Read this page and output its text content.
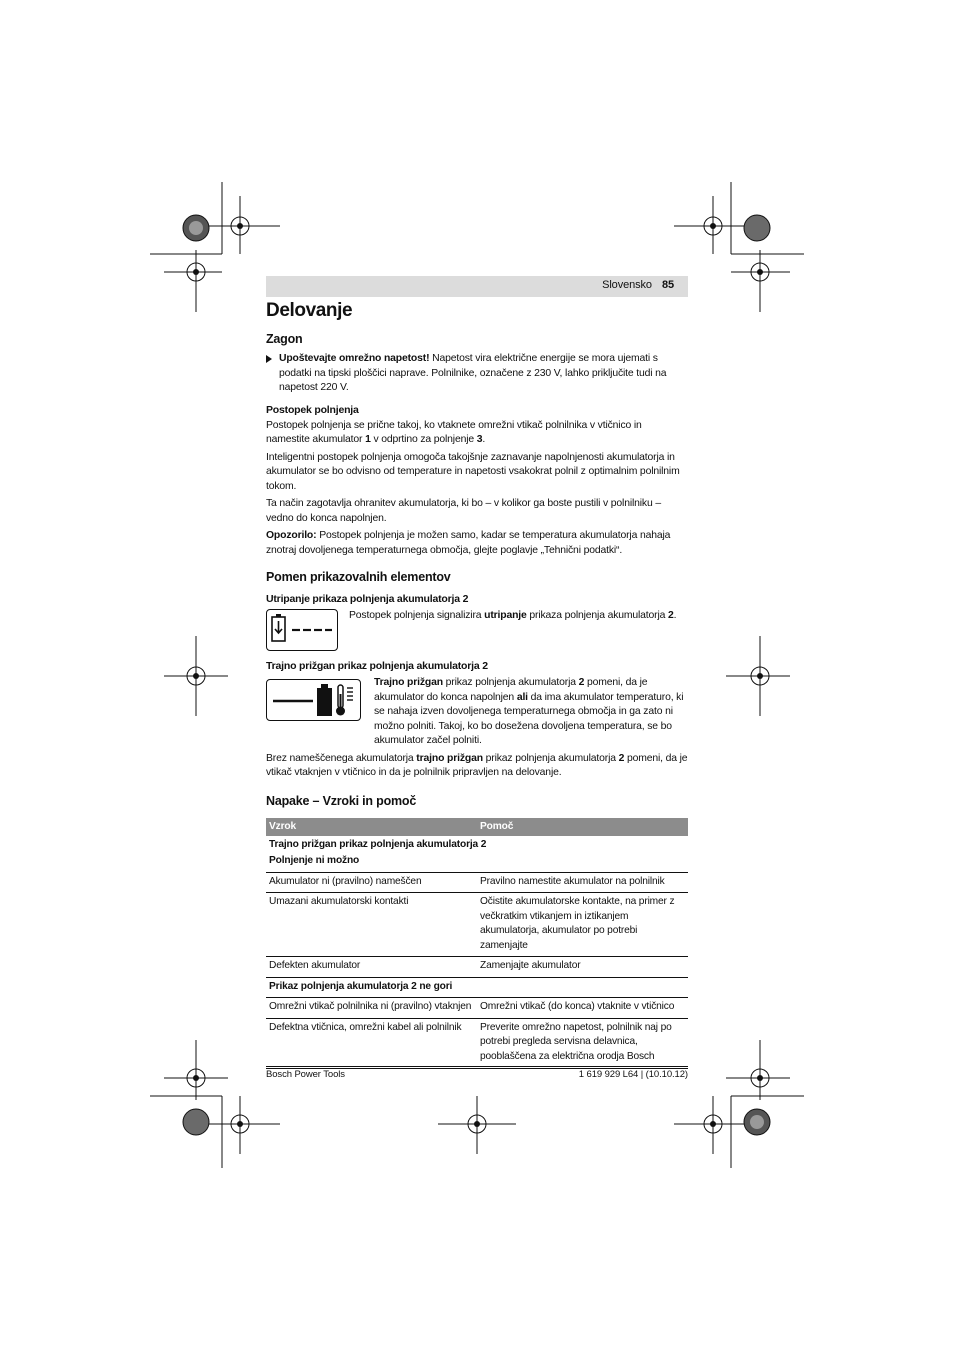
Slovensko 85
Delovanje
Zagon

Upoštevajte omrežno napetost! Napetost vira električne energije se mora ujemati s podatki na tipski ploščici naprave. Polnilnike, označene z 230 V, lahko priključite tudi na napetost 220 V.

Postopek polnjenja

Postopek polnjenja se prične takoj, ko vtaknete omrežni vtikač polnilnika v vtičnico in namestite akumulator 1 v odprtino za polnjenje 3.

Inteligentni postopek polnjenja omogoča takojšnje zaznavanje napolnjenosti akumulatorja in akumulator se bo odvisno od temperature in napetosti vsakokrat polnil z optimalnim polnilnim tokom.

Ta način zagotavlja ohranitev akumulatorja, ki bo – v kolikor ga boste pustili v polnilniku – vedno do konca napolnjen.

Opozorilo: Postopek polnjenja je možen samo, kadar se temperatura akumulatorja nahaja znotraj dovoljenega temperaturnega območja, glejte poglavje „Tehnični podatki“.

Pomen prikazovalnih elementov
Utripanje prikaza polnjenja akumulatorja 2

Postopek polnjenja signalizira utripanje prikaza polnjenja akumulatorja 2.

Trajno prižgan prikaz polnjenja akumulatorja 2

Trajno prižgan prikaz polnjenja akumulatorja 2 pomeni, da je akumulator do konca napolnjen ali da ima akumulator temperaturo, ki se nahaja izven dovoljenega temperaturnega območja in ga zato ni možno polniti. Takoj, ko bo dosežena dovoljena temperatura, se bo akumulator začel polniti.

Brez nameščenega akumulatorja trajno prižgan prikaz polnjenja akumulatorja 2 pomeni, da je vtikač vtaknjen v vtičnico in da je polnilnik pripravljen na delovanje.

Napake – Vzroki in pomoč
Vzrok	Pomoč
Trajno prižgan prikaz polnjenja akumulatorja 2	
Polnjenje ni možno	
Akumulator ni (pravilno) nameščen	Pravilno namestite akumulator na polnilnik
Umazani akumulatorski kontakti	Očistite akumulatorske kontakte, na primer z večkratkim vtikanjem in iztikanjem akumulatorja, akumulator po potrebi zamenjajte
Defekten akumulator	Zamenjajte akumulator
Prikaz polnjenja akumulatorja 2 ne gori	
Omrežni vtikač polnilnika ni (pravilno) vtaknjen	Omrežni vtikač (do konca) vtaknite v vtičnico
Defektna vtičnica, omrežni kabel ali polnilnik	Preverite omrežno napetost, polnilnik naj po potrebi pregleda servisna delavnica, pooblaščena za električna orodja Bosch
Bosch Power Tools	1 619 929 L64 | (10.10.12)
